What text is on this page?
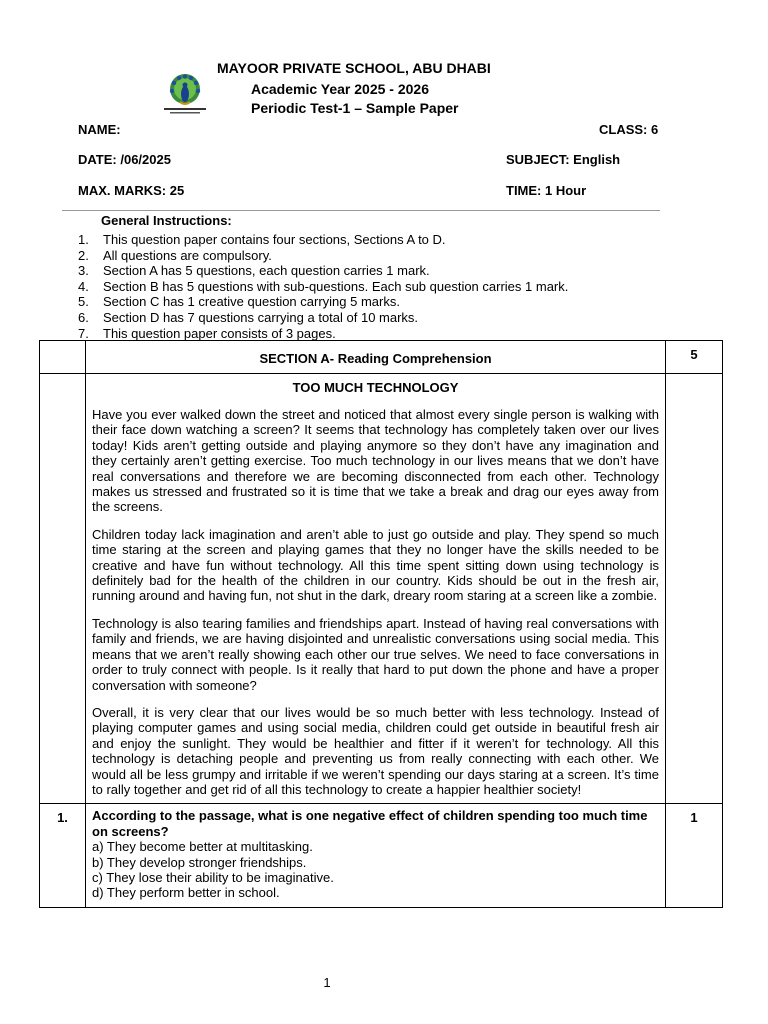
MAYOOR PRIVATE SCHOOL, ABU DHABI
Academic Year 2025 - 2026
Periodic Test-1 – Sample Paper
NAME:	CLASS: 6
DATE: /06/2025	SUBJECT: English
MAX. MARKS: 25	TIME: 1 Hour
General Instructions:
1. This question paper contains four sections, Sections A to D.
2. All questions are compulsory.
3. Section A has 5 questions, each question carries 1 mark.
4. Section B has 5 questions with sub-questions. Each sub question carries 1 mark.
5. Section C has 1 creative question carrying 5 marks.
6. Section D has 7 questions carrying a total of 10 marks.
7. This question paper consists of 3 pages.
	SECTION A- Reading Comprehension	5

	TOO MUCH TECHNOLOGY

Have you ever walked down the street and noticed that almost every single person is walking with their face down watching a screen? It seems that technology has completely taken over our lives today! Kids aren’t getting outside and playing anymore so they don’t have any imagination and they certainly aren’t getting exercise. Too much technology in our lives means that we don’t have real conversations and therefore we are becoming disconnected from each other. Technology makes us stressed and frustrated so it is time that we take a break and drag our eyes away from the screens.

Children today lack imagination and aren’t able to just go outside and play. They spend so much time staring at the screen and playing games that they no longer have the skills needed to be creative and have fun without technology. All this time spent sitting down using technology is definitely bad for the health of the children in our country. Kids should be out in the fresh air, running around and having fun, not shut in the dark, dreary room staring at a screen like a zombie.

Technology is also tearing families and friendships apart. Instead of having real conversations with family and friends, we are having disjointed and unrealistic conversations using social media. This means that we aren’t really showing each other our true selves. We need to face conversations in order to truly connect with people. Is it really that hard to put down the phone and have a proper conversation with someone?

Overall, it is very clear that our lives would be so much better with less technology. Instead of playing computer games and using social media, children could get outside in beautiful fresh air and enjoy the sunlight. They would be healthier and fitter if it weren’t for technology. All this technology is detaching people and preventing us from really connecting with each other. We would all be less grumpy and irritable if we weren’t spending our days staring at a screen. It’s time to rally together and get rid of all this technology to create a happier healthier society!	

1.	According to the passage, what is one negative effect of children spending too much time on screens?
a) They become better at multitasking.
b) They develop stronger friendships.
c) They lose their ability to be imaginative.
d) They perform better in school.	1
1
